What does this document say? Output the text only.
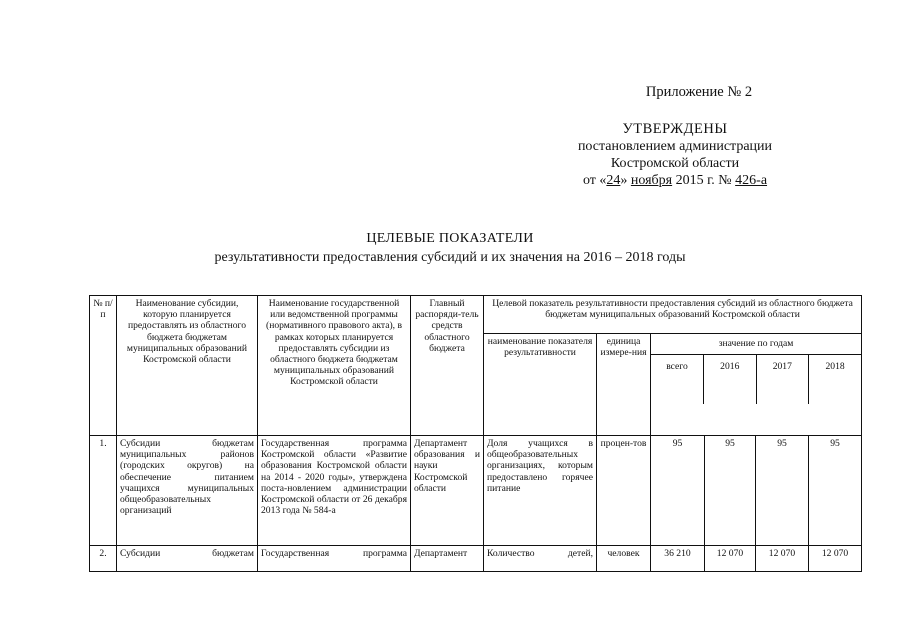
Приложение № 2
УТВЕРЖДЕНЫ
постановлением администрации
Костромской области
от «24» ноября 2015 г. № 426-а
ЦЕЛЕВЫЕ ПОКАЗАТЕЛИ
результативности предоставления субсидий и их значения на 2016 – 2018 годы
№ п/п	Наименование субсидии, которую планируется предоставлять из областного бюджета бюджетам муниципальных образований Костромской области	Наименование государственной или ведомственной программы (нормативного правового акта), в рамках которых планируется предоставлять субсидии из областного бюджета бюджетам муниципальных образований Костромской области	Главный распоряди-тель средств областного бюджета	Целевой показатель результативности предоставления субсидий из областного бюджета бюджетам муниципальных образований Костромской области
наименование показателя результативности	единица измере-ния	
значение по годам
всего	2016	2017	2018

1.	Субсидии бюджетам муниципальных районов (городских округов) на обеспечение питанием учащихся муниципальных общеобразовательных организаций	Государственная программа Костромской области «Развитие образования Костромской области на 2014 - 2020 годы», утвержденa поста-новлением администрации Костромской области от 26 декабря 2013 года № 584-а	Департамент образования и науки Костромской области	Доля учащихся в общеобразовательных организациях, которым предоставлено горячее питание	процен-тов	95	95	95	95
2.	Субсидии бюджетам	Государственная программа	Департамент	Количество детей,	человек	36 210	12 070	12 070	12 070
